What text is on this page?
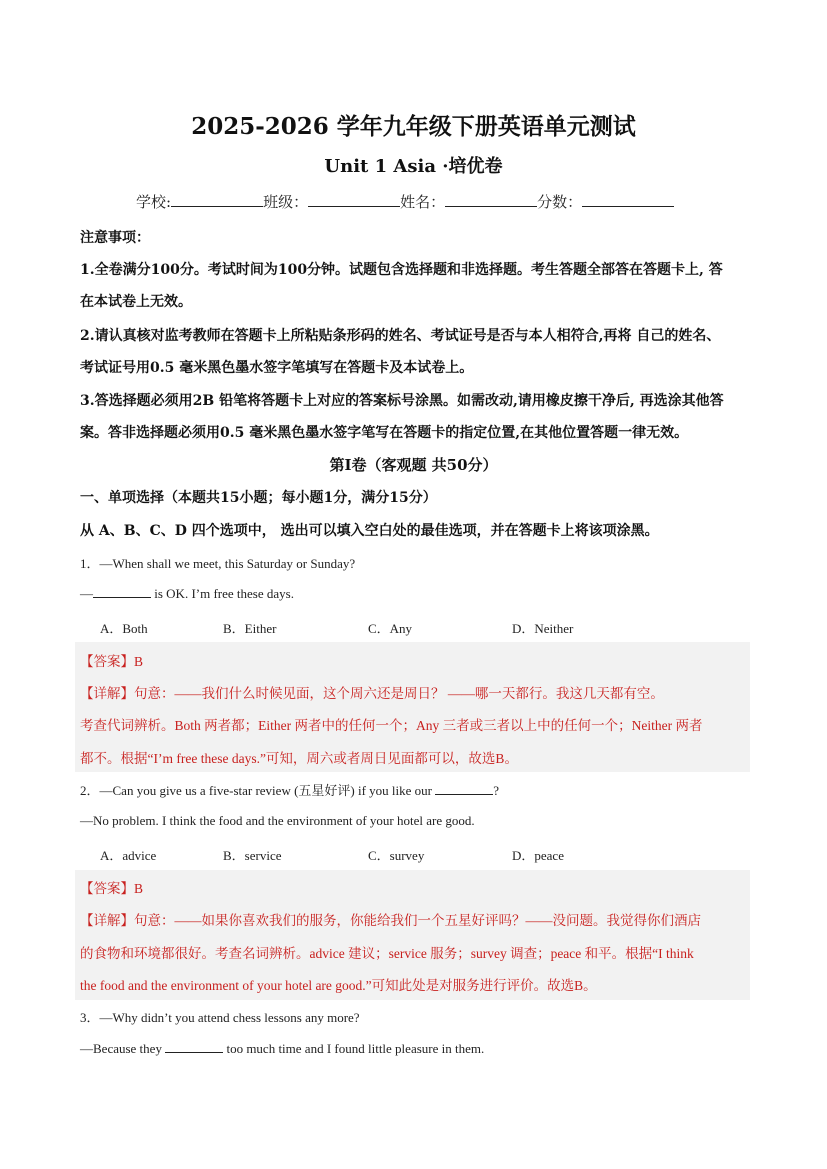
2025-2026 学年九年级下册英语单元测试
Unit 1 Asia ·培优卷
学校:	班级：	姓名：	分数：
注意事项：
1.全卷满分100分。考试时间为100分钟。试题包含选择题和非选择题。考生答题全部答在答题卡上, 答
在本试卷上无效。
2.请认真核对监考教师在答题卡上所粘贴条形码的姓名、考试证号是否与本人相符合,再将 自己的姓名、
考试证号用0.5 毫米黑色墨水签字笔填写在答题卡及本试卷上。
3.答选择题必须用2B 铅笔将答题卡上对应的答案标号涂黑。如需改动,请用橡皮擦干净后, 再选涂其他答
案。答非选择题必须用0.5 毫米黑色墨水签字笔写在答题卡的指定位置,在其他位置答题一律无效。
第Ⅰ卷（客观题 共50分）
一、单项选择（本题共15小题；每小题1分，满分15分）
从 A、B、C、D 四个选项中， 选出可以填入空白处的最佳选项，并在答题卡上将该项涂黑。
1．—When shall we meet, this Saturday or Sunday?
—	is OK. I’m free these days.
A．Both	B．Either	C．Any	D．Neither
【答案】B
【详解】句意：——我们什么时候见面，这个周六还是周日？ ——哪一天都行。我这几天都有空。
考查代词辨析。Both 两者都；Either 两者中的任何一个；Any 三者或三者以上中的任何一个；Neither 两者
都不。根据“I’m free these days.”可知，周六或者周日见面都可以，故选B。
2．—Can you give us a five-star review (五星好评) if you like our	?
—No problem. I think the food and the environment of your hotel are good.
A．advice	B．service	C．survey	D．peace
【答案】B
【详解】句意：——如果你喜欢我们的服务，你能给我们一个五星好评吗？——没问题。我觉得你们酒店
的食物和环境都很好。考查名词辨析。advice 建议；service 服务；survey 调查；peace 和平。根据“I think
the food and the environment of your hotel are good.”可知此处是对服务进行评价。故选B。
3．—Why didn’t you attend chess lessons any more?
—Because they	too much time and I found little pleasure in them.
